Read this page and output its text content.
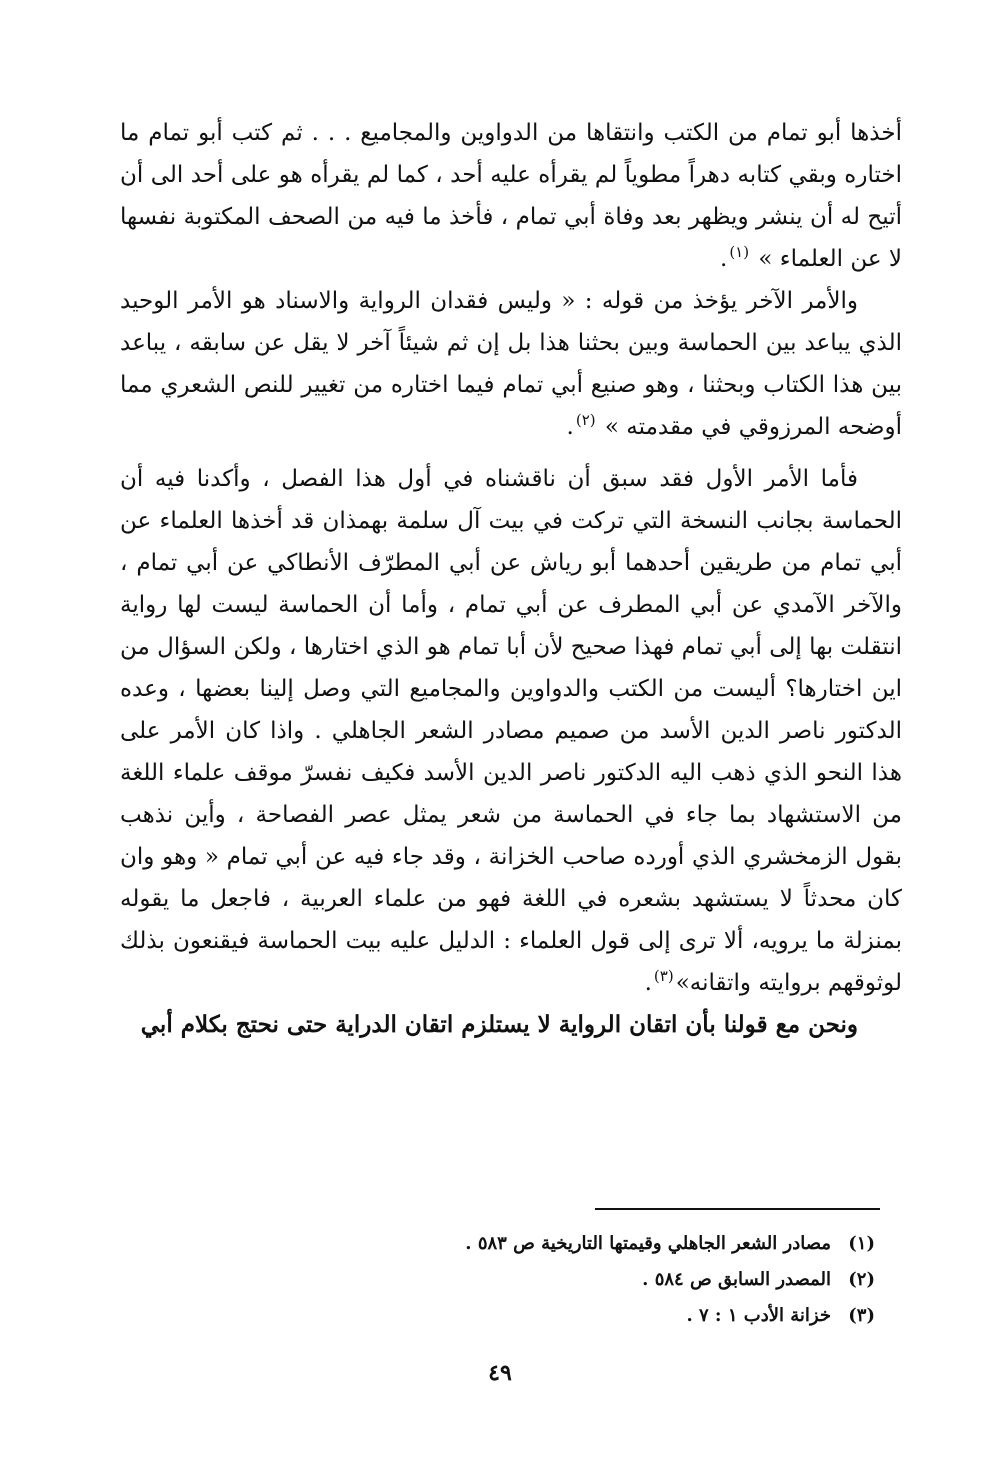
أخذها أبو تمام من الكتب وانتقاها من الدواوين والمجاميع . . . ثم كتب أبو تمام ما اختاره وبقي كتابه دهراً مطوياً لم يقرأه عليه أحد ، كما لم يقرأه هو على أحد الى أن أتيح له أن ينشر ويظهر بعد وفاة أبي تمام ، فأخذ ما فيه من الصحف المكتوبة نفسها لا عن العلماء » $^{(١)}$.

والأمر الآخر يؤخذ من قوله : « وليس فقدان الرواية والاسناد هو الأمر الوحيد الذي يباعد بين الحماسة وبين بحثنا هذا بل إن ثم شيئاً آخر لا يقل عن سابقه ، يباعد بين هذا الكتاب وبحثنا ، وهو صنيع أبي تمام فيما اختاره من تغيير للنص الشعري مما أوضحه المرزوقي في مقدمته » $^{(٢)}$.

فأما الأمر الأول فقد سبق أن ناقشناه في أول هذا الفصل ، وأكدنا فيه أن الحماسة بجانب النسخة التي تركت في بيت آل سلمة بهمذان قد أخذها العلماء عن أبي تمام من طريقين أحدهما أبو رياش عن أبي المطرّف الأنطاكي عن أبي تمام ، والآخر الآمدي عن أبي المطرف عن أبي تمام ، وأما أن الحماسة ليست لها رواية انتقلت بها إلى أبي تمام فهذا صحيح لأن أبا تمام هو الذي اختارها ، ولكن السؤال من اين اختارها؟ أليست من الكتب والدواوين والمجاميع التي وصل إلينا بعضها ، وعده الدكتور ناصر الدين الأسد من صميم مصادر الشعر الجاهلي . واذا كان الأمر على هذا النحو الذي ذهب اليه الدكتور ناصر الدين الأسد فكيف نفسرّ موقف علماء اللغة من الاستشهاد بما جاء في الحماسة من شعر يمثل عصر الفصاحة ، وأين نذهب بقول الزمخشري الذي أورده صاحب الخزانة ، وقد جاء فيه عن أبي تمام « وهو وان كان محدثاً لا يستشهد بشعره في اللغة فهو من علماء العربية ، فاجعل ما يقوله بمنزلة ما يرويه، ألا ترى إلى قول العلماء : الدليل عليه بيت الحماسة فيقنعون بذلك لوثوقهم بروايته واتقانه»$^{(٣)}$.

ونحن مع قولنا بأن اتقان الرواية لا يستلزم اتقان الدراية حتى نحتج بكلام أبي

(١)مصادر الشعر الجاهلي وقيمتها التاريخية ص ٥٨٣ .

(٢)المصدر السابق ص ٥٨٤ .

(٣)خزانة الأدب ١ : ٧ .

٤٩
